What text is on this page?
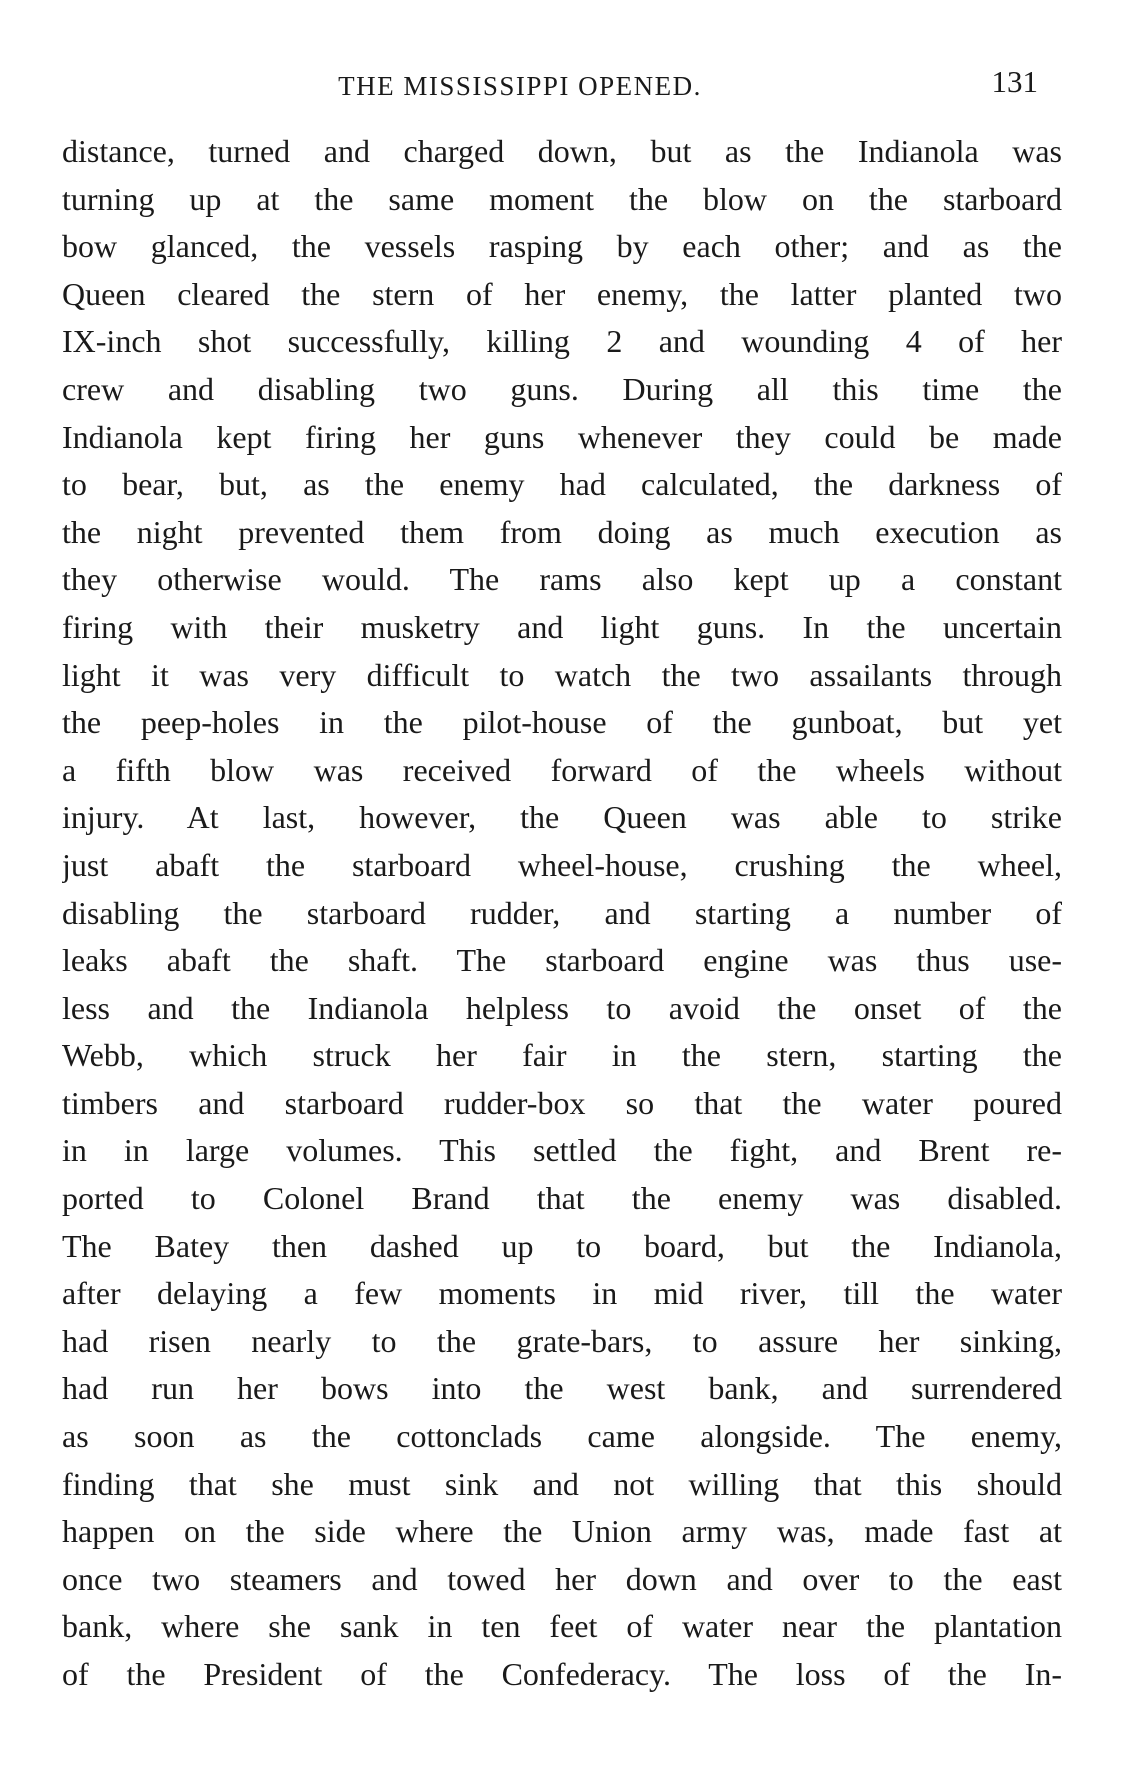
THE MISSISSIPPI OPENED.	131
distance, turned and charged down, but as the Indianola was
turning up at the same moment the blow on the starboard
bow glanced, the vessels rasping by each other; and as the
Queen cleared the stern of her enemy, the latter planted two
IX-inch shot successfully, killing 2 and wounding 4 of her
crew and disabling two guns. During all this time the
Indianola kept firing her guns whenever they could be made
to bear, but, as the enemy had calculated, the darkness of
the night prevented them from doing as much execution as
they otherwise would. The rams also kept up a constant
firing with their musketry and light guns. In the uncertain
light it was very difficult to watch the two assailants through
the peep-holes in the pilot-house of the gunboat, but yet
a fifth blow was received forward of the wheels without
injury. At last, however, the Queen was able to strike
just abaft the starboard wheel-house, crushing the wheel,
disabling the starboard rudder, and starting a number of
leaks abaft the shaft. The starboard engine was thus use-
less and the Indianola helpless to avoid the onset of the
Webb, which struck her fair in the stern, starting the
timbers and starboard rudder-box so that the water poured
in in large volumes. This settled the fight, and Brent re-
ported to Colonel Brand that the enemy was disabled.
The Batey then dashed up to board, but the Indianola,
after delaying a few moments in mid river, till the water
had risen nearly to the grate-bars, to assure her sinking,
had run her bows into the west bank, and surrendered
as soon as the cottonclads came alongside. The enemy,
finding that she must sink and not willing that this should
happen on the side where the Union army was, made fast at
once two steamers and towed her down and over to the east
bank, where she sank in ten feet of water near the plantation
of the President of the Confederacy. The loss of the In-
